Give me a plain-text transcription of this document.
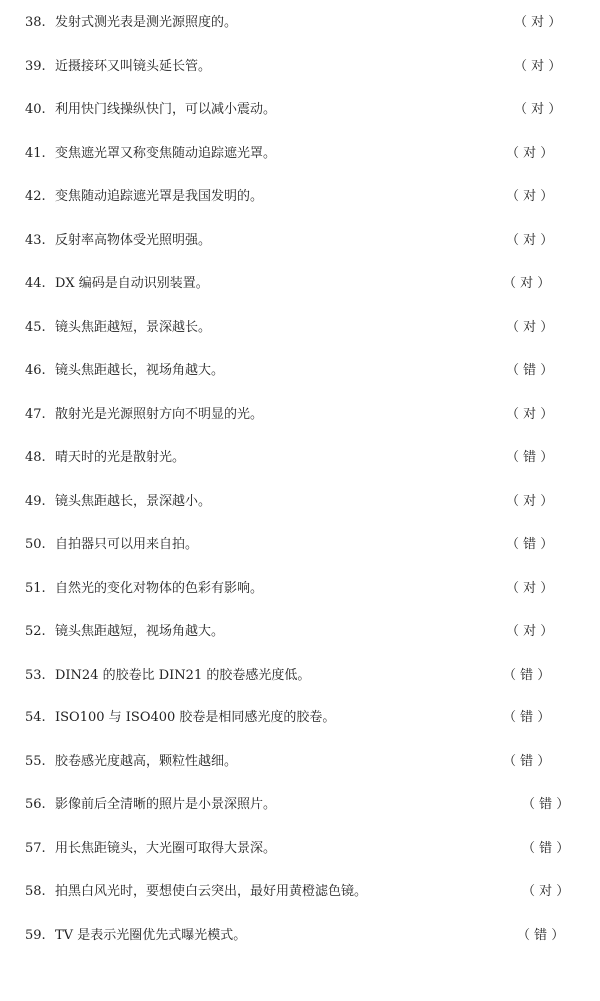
38. 发射式测光表是测光源照度的。	（ 对 ）
39. 近摄接环又叫镜头延长管。	（ 对 ）
40. 利用快门线操纵快门，可以减小震动。	（ 对 ）
41. 变焦遮光罩又称变焦随动追踪遮光罩。	（ 对 ）
42. 变焦随动追踪遮光罩是我国发明的。	（ 对 ）
43. 反射率高物体受光照明强。	（ 对 ）
44. DX 编码是自动识别装置。	（ 对 ）
45. 镜头焦距越短，景深越长。	（ 对 ）
46. 镜头焦距越长，视场角越大。	（ 错 ）
47. 散射光是光源照射方向不明显的光。	（ 对 ）
48. 晴天时的光是散射光。	（ 错 ）
49. 镜头焦距越长，景深越小。	（ 对 ）
50. 自拍器只可以用来自拍。	（ 错 ）
51. 自然光的变化对物体的色彩有影响。	（ 对 ）
52. 镜头焦距越短，视场角越大。	（ 对 ）
53. DIN24 的胶卷比 DIN21 的胶卷感光度低。	（ 错 ）
54. ISO100 与 ISO400 胶卷是相同感光度的胶卷。	（ 错 ）
55. 胶卷感光度越高，颗粒性越细。	（ 错 ）
56. 影像前后全清晰的照片是小景深照片。	（ 错 ）
57. 用长焦距镜头，大光圈可取得大景深。	（ 错 ）
58. 拍黑白风光时，要想使白云突出，最好用黄橙滤色镜。	（ 对 ）
59. TV 是表示光圈优先式曝光模式。	（ 错 ）
